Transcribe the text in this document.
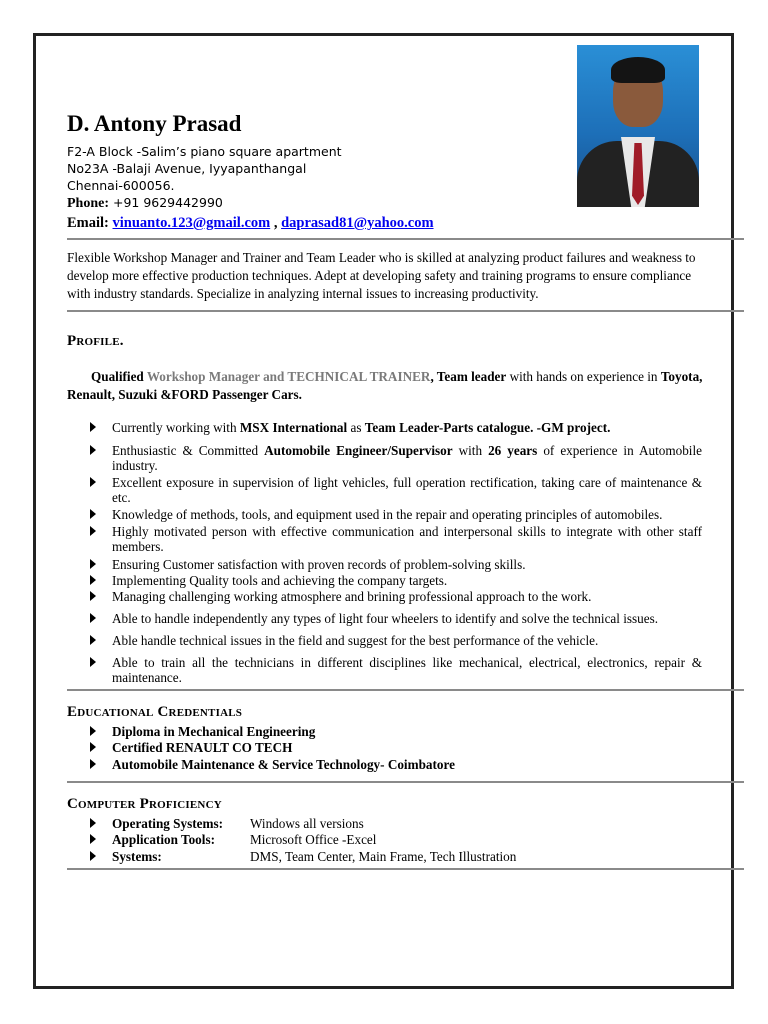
D. Antony Prasad
F2-A Block -Salim’s piano square apartment
No23A -Balaji Avenue, Iyyapanthangal
Chennai-600056.
Phone: +91 9629442990
Email: vinuanto.123@gmail.com , daprasad81@yahoo.com
Flexible Workshop Manager and Trainer and Team Leader who is skilled at analyzing product failures and weakness to develop more effective production techniques. Adept at developing safety and training programs to ensure compliance with industry standards. Specialize in analyzing internal issues to increasing productivity.
Profile.
Qualified Workshop Manager and TECHNICAL TRAINER, Team leader with hands on experience in Toyota, Renault, Suzuki &FORD Passenger Cars.
Currently working with MSX International as Team Leader-Parts catalogue. -GM project.
Enthusiastic & Committed Automobile Engineer/Supervisor with 26 years of experience in Automobile industry.
Excellent exposure in supervision of light vehicles, full operation rectification, taking care of maintenance & etc.
Knowledge of methods, tools, and equipment used in the repair and operating principles of automobiles.
Highly motivated person with effective communication and interpersonal skills to integrate with other staff members.
Ensuring Customer satisfaction with proven records of problem-solving skills.
Implementing Quality tools and achieving the company targets.
Managing challenging working atmosphere and brining professional approach to the work.
Able to handle independently any types of light four wheelers to identify and solve the technical issues.
Able handle technical issues in the field and suggest for the best performance of the vehicle.
Able to train all the technicians in different disciplines like mechanical, electrical, electronics, repair & maintenance.
Educational Credentials
Diploma in Mechanical Engineering
Certified RENAULT CO TECH
Automobile Maintenance & Service Technology- Coimbatore
Computer Proficiency
Operating Systems: Windows all versions
Application Tools:	Microsoft Office -Excel
Systems:	DMS, Team Center, Main Frame, Tech Illustration
